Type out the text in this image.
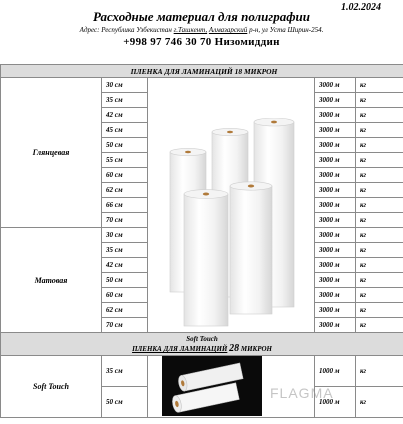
1.02.2024
Расходные материал для полиграфии
Адрес: Республика Узбекистан г.Ташкент, Алмазарский р-н, ул Уста Ширин-254.
+998 97 746 30 70 Низомиддин
ПЛЕНКА ДЛЯ ЛАМИНАЦИЙ 18 МИКРОН				
Глянцевая	30 см		3000 м	кг
	35 см		3000 м	кг
	42 см		3000 м	кг
	45 см		3000 м	кг
	50 см		3000 м	кг
	55 см		3000 м	кг
	60 см		3000 м	кг
	62 см		3000 м	кг
	66 см		3000 м	кг
	70 см		3000 м	кг
Матовая	30 см		3000 м	кг
	35 см		3000 м	кг
	42 см		3000 м	кг
	50 см		3000 м	кг
	60 см		3000 м	кг
	62 см		3000 м	кг
	70 см		3000 м	кг

Soft Touch
ПЛЕНКА ДЛЯ ЛАМИНАЦИЙ 28 МИКРОН				

Soft Touch	35 см		1000 м	кг
	50 см		1000 м	кг
FLAGMA
